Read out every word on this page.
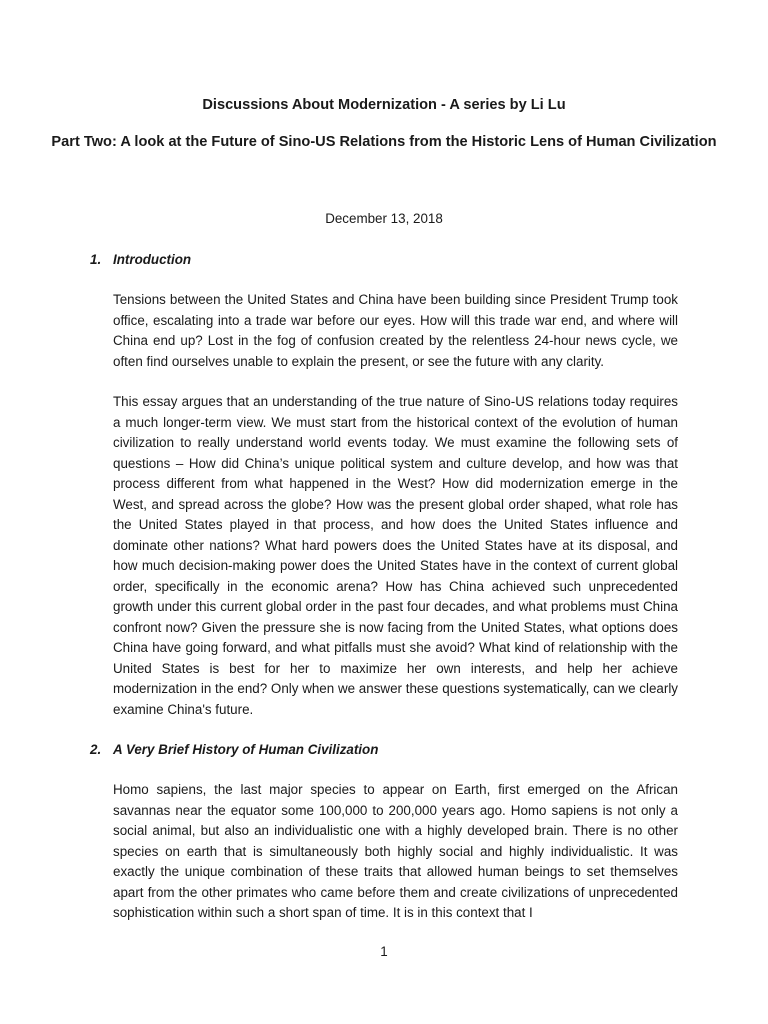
Discussions About Modernization - A series by Li Lu
Part Two: A look at the Future of Sino-US Relations from the Historic Lens of Human Civilization
December 13, 2018
1. Introduction

Tensions between the United States and China have been building since President Trump took office, escalating into a trade war before our eyes. How will this trade war end, and where will China end up? Lost in the fog of confusion created by the relentless 24-hour news cycle, we often find ourselves unable to explain the present, or see the future with any clarity.

This essay argues that an understanding of the true nature of Sino-US relations today requires a much longer-term view. We must start from the historical context of the evolution of human civilization to really understand world events today. We must examine the following sets of questions – How did China’s unique political system and culture develop, and how was that process different from what happened in the West? How did modernization emerge in the West, and spread across the globe? How was the present global order shaped, what role has the United States played in that process, and how does the United States influence and dominate other nations? What hard powers does the United States have at its disposal, and how much decision-making power does the United States have in the context of current global order, specifically in the economic arena? How has China achieved such unprecedented growth under this current global order in the past four decades, and what problems must China confront now? Given the pressure she is now facing from the United States, what options does China have going forward, and what pitfalls must she avoid? What kind of relationship with the United States is best for her to maximize her own interests, and help her achieve modernization in the end? Only when we answer these questions systematically, can we clearly examine China's future.

2. A Very Brief History of Human Civilization

Homo sapiens, the last major species to appear on Earth, first emerged on the African savannas near the equator some 100,000 to 200,000 years ago. Homo sapiens is not only a social animal, but also an individualistic one with a highly developed brain. There is no other species on earth that is simultaneously both highly social and highly individualistic. It was exactly the unique combination of these traits that allowed human beings to set themselves apart from the other primates who came before them and create civilizations of unprecedented sophistication within such a short span of time. It is in this context that I

1
